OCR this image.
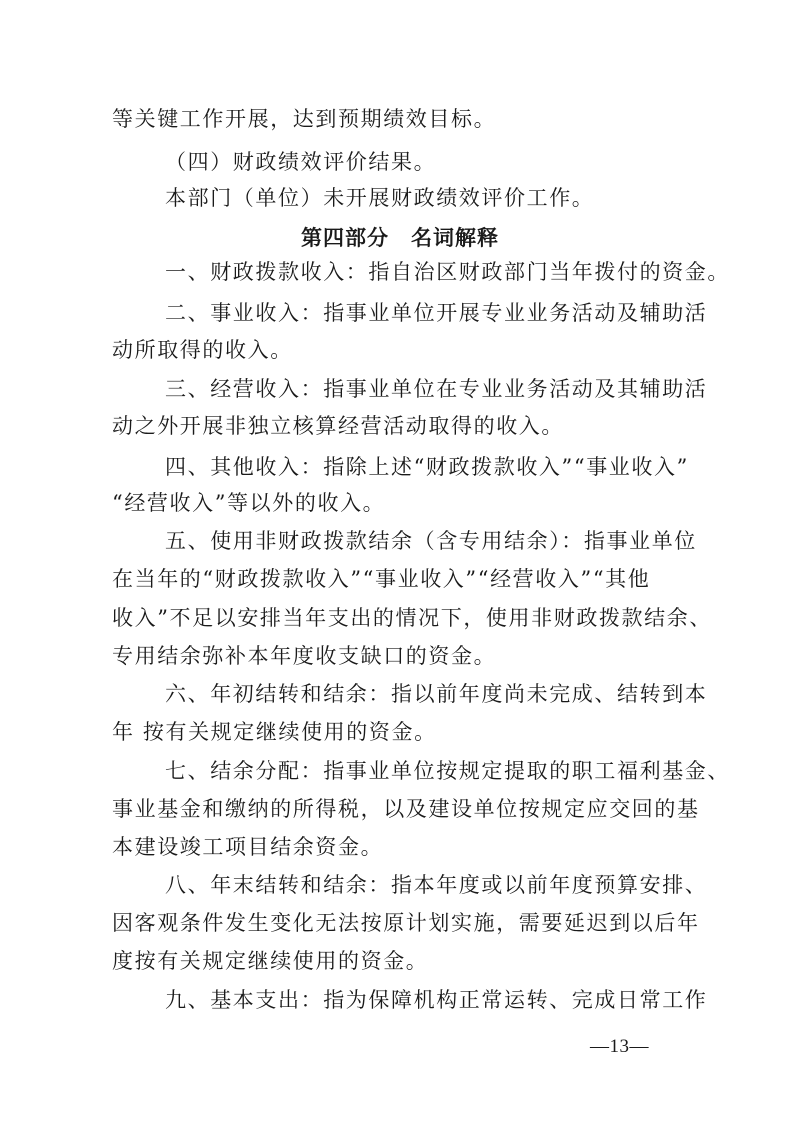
等关键工作开展，达到预期绩效目标。
（四）财政绩效评价结果。
本部门（单位）未开展财政绩效评价工作。
第四部分　名词解释
一、财政拨款收入：指自治区财政部门当年拨付的资金。
二、事业收入：指事业单位开展专业业务活动及辅助活
动所取得的收入。
三、经营收入：指事业单位在专业业务活动及其辅助活
动之外开展非独立核算经营活动取得的收入。
四、其他收入：指除上述“财政拨款收入”“事业收入”
“经营收入”等以外的收入。
五、使用非财政拨款结余（含专用结余）：指事业单位
在当年的“财政拨款收入”“事业收入”“经营收入”“其他
收入”不足以安排当年支出的情况下，使用非财政拨款结余、
专用结余弥补本年度收支缺口的资金。
六、年初结转和结余：指以前年度尚未完成、结转到本
年 按有关规定继续使用的资金。
七、结余分配：指事业单位按规定提取的职工福利基金、
事业基金和缴纳的所得税，以及建设单位按规定应交回的基
本建设竣工项目结余资金。
八、年末结转和结余：指本年度或以前年度预算安排、
因客观条件发生变化无法按原计划实施，需要延迟到以后年
度按有关规定继续使用的资金。
九、基本支出：指为保障机构正常运转、完成日常工作
—13—
